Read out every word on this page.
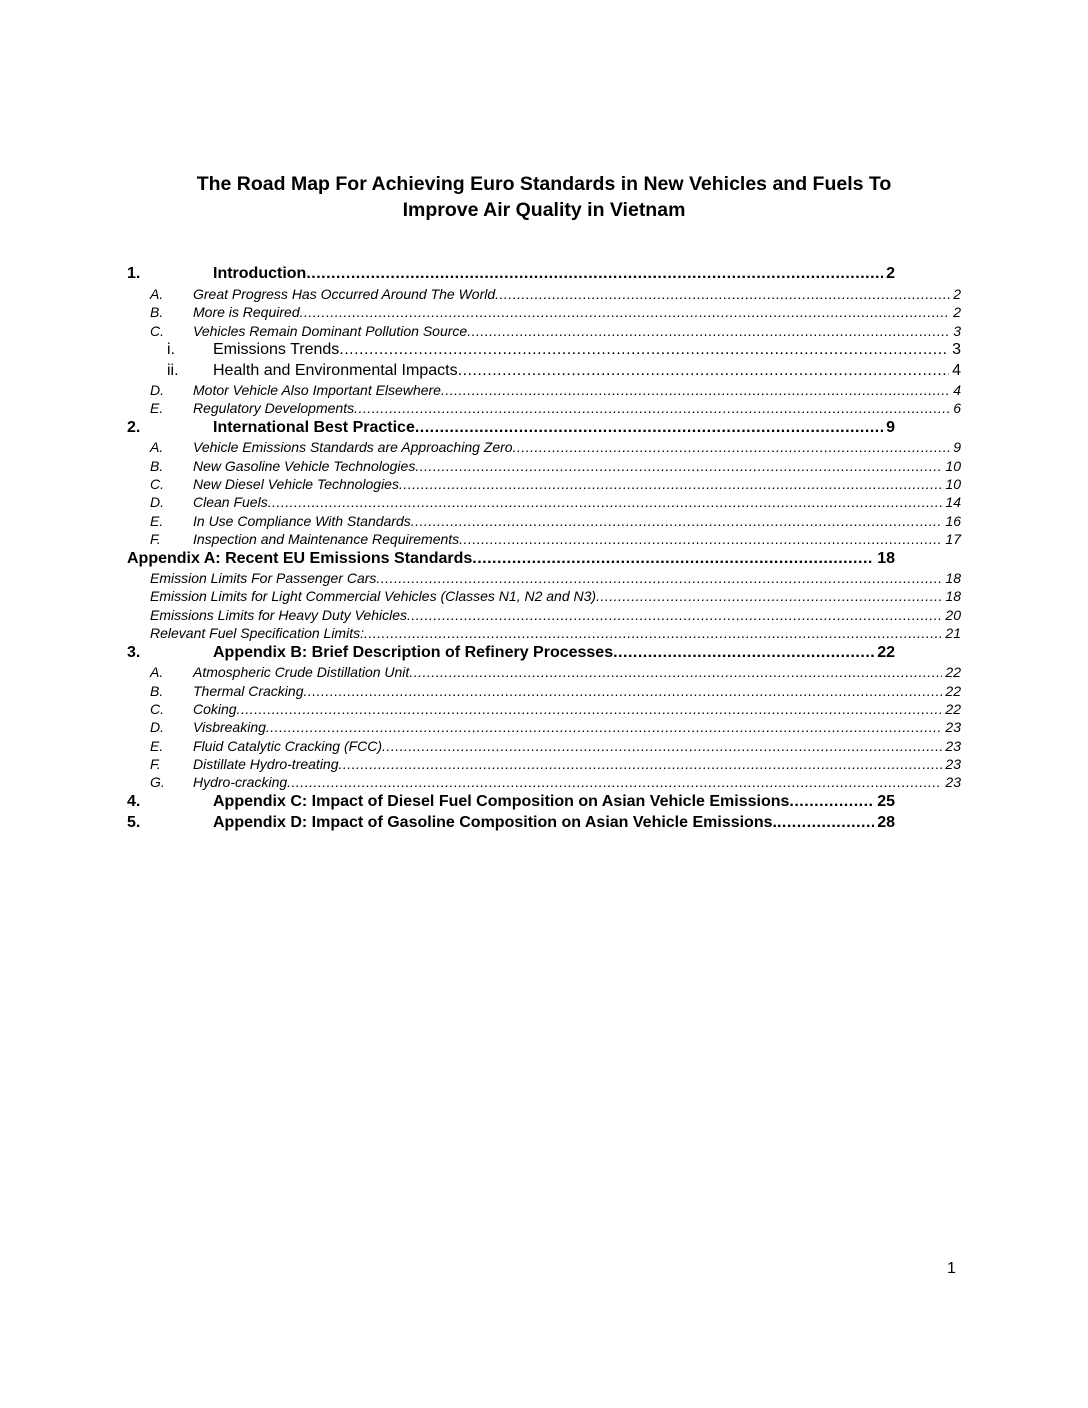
The Road Map For Achieving Euro Standards in New Vehicles and Fuels To
Improve Air Quality in Vietnam
1.	Introduction .....	2
A. Great Progress Has Occurred Around The World .....	2
B. More is Required .....	2
C. Vehicles Remain Dominant Pollution Source .....	3
i. Emissions Trends .....	3
ii. Health and Environmental Impacts .....	4
D. Motor Vehicle Also Important Elsewhere .....	4
E. Regulatory Developments .....	6
2.	International Best Practice .....	9
A. Vehicle Emissions Standards are Approaching Zero .....	9
B. New Gasoline Vehicle Technologies .....	10
C. New Diesel Vehicle Technologies .....	10
D. Clean Fuels .....	14
E. In Use Compliance With Standards .....	16
F. Inspection and Maintenance Requirements .....	17
Appendix A: Recent EU Emissions Standards .....	18
Emission Limits For Passenger Cars .....	18
Emission Limits for Light Commercial Vehicles (Classes N1, N2 and N3) .....	18
Emissions Limits for Heavy Duty Vehicles .....	20
Relevant Fuel Specification Limits: .....	21
3.	Appendix B: Brief Description of Refinery Processes .....	22
A. Atmospheric Crude Distillation Unit .....	22
B. Thermal Cracking .....	22
C. Coking .....	22
D. Visbreaking .....	23
E. Fluid Catalytic Cracking (FCC) .....	23
F. Distillate Hydro-treating .....	23
G. Hydro-cracking .....	23
4.	Appendix C: Impact of Diesel Fuel Composition on Asian Vehicle Emissions .....	25
5.	Appendix D: Impact of Gasoline Composition on Asian Vehicle Emissions. .....	28
1
